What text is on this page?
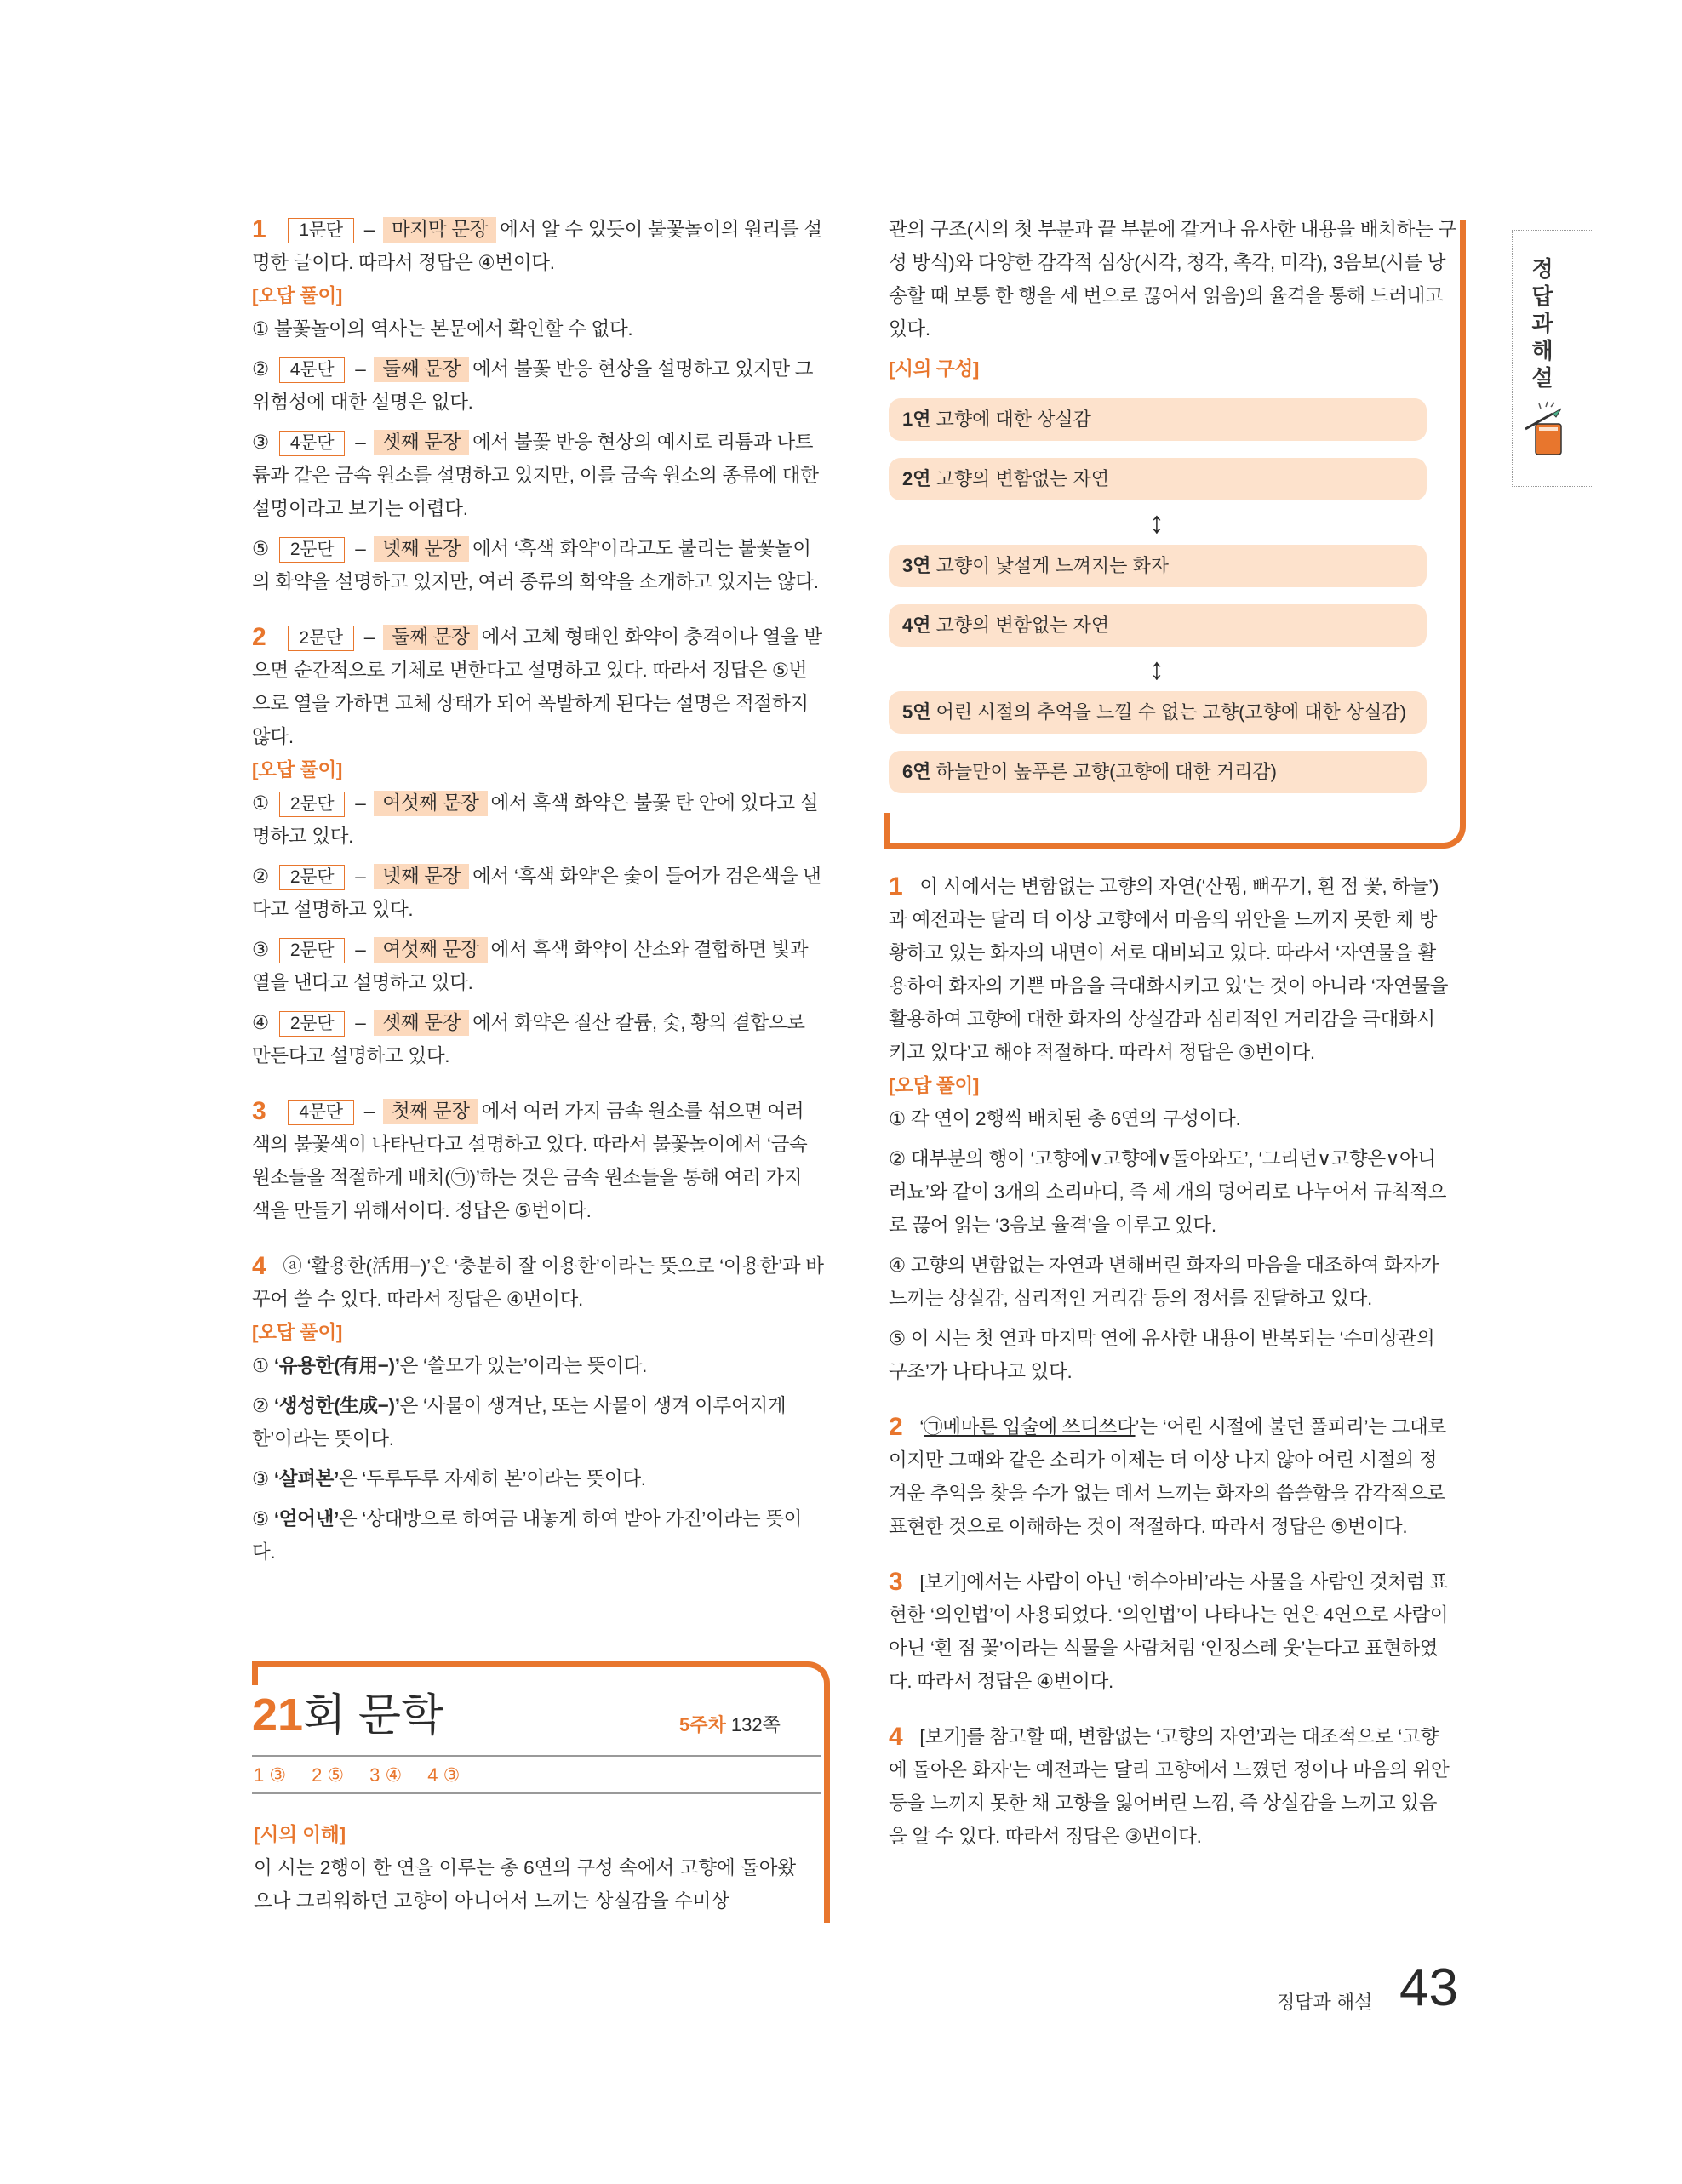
1 1문단 – 마지막 문장 에서 알 수 있듯이 불꽃놀이의 원리를 설명한 글이다. 따라서 정답은 ④번이다.

[오답 풀이]

① 불꽃놀이의 역사는 본문에서 확인할 수 없다.

② 4문단 – 둘째 문장 에서 불꽃 반응 현상을 설명하고 있지만 그 위험성에 대한 설명은 없다.

③ 4문단 – 셋째 문장 에서 불꽃 반응 현상의 예시로 리튬과 나트륨과 같은 금속 원소를 설명하고 있지만, 이를 금속 원소의 종류에 대한 설명이라고 보기는 어렵다.

⑤ 2문단 – 넷째 문장 에서 ‘흑색 화약’이라고도 불리는 불꽃놀이의 화약을 설명하고 있지만, 여러 종류의 화약을 소개하고 있지는 않다.

2 2문단 – 둘째 문장 에서 고체 형태인 화약이 충격이나 열을 받으면 순간적으로 기체로 변한다고 설명하고 있다. 따라서 정답은 ⑤번으로 열을 가하면 고체 상태가 되어 폭발하게 된다는 설명은 적절하지 않다.

[오답 풀이]

① 2문단 – 여섯째 문장 에서 흑색 화약은 불꽃 탄 안에 있다고 설명하고 있다.

② 2문단 – 넷째 문장 에서 ‘흑색 화약’은 숯이 들어가 검은색을 낸다고 설명하고 있다.

③ 2문단 – 여섯째 문장 에서 흑색 화약이 산소와 결합하면 빛과 열을 낸다고 설명하고 있다.

④ 2문단 – 셋째 문장 에서 화약은 질산 칼륨, 숯, 황의 결합으로 만든다고 설명하고 있다.

3 4문단 – 첫째 문장 에서 여러 가지 금속 원소를 섞으면 여러 색의 불꽃색이 나타난다고 설명하고 있다. 따라서 불꽃놀이에서 ‘금속 원소들을 적절하게 배치(㉠)’하는 것은 금속 원소들을 통해 여러 가지 색을 만들기 위해서이다. 정답은 ⑤번이다.

4 ⓐ ‘활용한(活用−)’은 ‘충분히 잘 이용한’이라는 뜻으로 ‘이용한’과 바꾸어 쓸 수 있다. 따라서 정답은 ④번이다.

[오답 풀이]

① ‘유용한(有用−)’은 ‘쓸모가 있는’이라는 뜻이다.

② ‘생성한(生成−)’은 ‘사물이 생겨난, 또는 사물이 생겨 이루어지게 한’이라는 뜻이다.

③ ‘살펴본’은 ‘두루두루 자세히 본’이라는 뜻이다.

⑤ ‘얻어낸’은 ‘상대방으로 하여금 내놓게 하여 받아 가진’이라는 뜻이다.

21회 문학	5주차 132쪽
1 ③ 2 ⑤ 3 ④ 4 ③

[시의 이해]

이 시는 2행이 한 연을 이루는 총 6연의 구성 속에서 고향에 돌아왔으나 그리워하던 고향이 아니어서 느끼는 상실감을 수미상

관의 구조(시의 첫 부분과 끝 부분에 같거나 유사한 내용을 배치하는 구성 방식)와 다양한 감각적 심상(시각, 청각, 촉각, 미각), 3음보(시를 낭송할 때 보통 한 행을 세 번으로 끊어서 읽음)의 율격을 통해 드러내고 있다.

[시의 구성]

1연 고향에 대한 상실감
2연 고향의 변함없는 자연
↕
3연 고향이 낯설게 느껴지는 화자
4연 고향의 변함없는 자연
↕
5연 어린 시절의 추억을 느낄 수 없는 고향(고향에 대한 상실감)
6연 하늘만이 높푸른 고향(고향에 대한 거리감)

1 이 시에서는 변함없는 고향의 자연(‘산꿩, 뻐꾸기, 흰 점 꽃, 하늘’)과 예전과는 달리 더 이상 고향에서 마음의 위안을 느끼지 못한 채 방황하고 있는 화자의 내면이 서로 대비되고 있다. 따라서 ‘자연물을 활용하여 화자의 기쁜 마음을 극대화시키고 있’는 것이 아니라 ‘자연물을 활용하여 고향에 대한 화자의 상실감과 심리적인 거리감을 극대화시키고 있다’고 해야 적절하다. 따라서 정답은 ③번이다.

[오답 풀이]

① 각 연이 2행씩 배치된 총 6연의 구성이다.

② 대부분의 행이 ‘고향에∨고향에∨돌아와도’, ‘그리던∨고향은∨아니러뇨’와 같이 3개의 소리마디, 즉 세 개의 덩어리로 나누어서 규칙적으로 끊어 읽는 ‘3음보 율격’을 이루고 있다.

④ 고향의 변함없는 자연과 변해버린 화자의 마음을 대조하여 화자가 느끼는 상실감, 심리적인 거리감 등의 정서를 전달하고 있다.

⑤ 이 시는 첫 연과 마지막 연에 유사한 내용이 반복되는 ‘수미상관의 구조’가 나타나고 있다.

2 ‘㉠메마른 입술에 쓰디쓰다’는 ‘어린 시절에 불던 풀피리’는 그대로이지만 그때와 같은 소리가 이제는 더 이상 나지 않아 어린 시절의 정겨운 추억을 찾을 수가 없는 데서 느끼는 화자의 씁쓸함을 감각적으로 표현한 것으로 이해하는 것이 적절하다. 따라서 정답은 ⑤번이다.

3 [보기]에서는 사람이 아닌 ‘허수아비’라는 사물을 사람인 것처럼 표현한 ‘의인법’이 사용되었다. ‘의인법’이 나타나는 연은 4연으로 사람이 아닌 ‘흰 점 꽃’이라는 식물을 사람처럼 ‘인정스레 웃’는다고 표현하였다. 따라서 정답은 ④번이다.

4 [보기]를 참고할 때, 변함없는 ‘고향의 자연’과는 대조적으로 ‘고향에 돌아온 화자’는 예전과는 달리 고향에서 느꼈던 정이나 마음의 위안 등을 느끼지 못한 채 고향을 잃어버린 느낌, 즉 상실감을 느끼고 있음을 알 수 있다. 따라서 정답은 ③번이다.

정답과해설
정답과 해설 43
